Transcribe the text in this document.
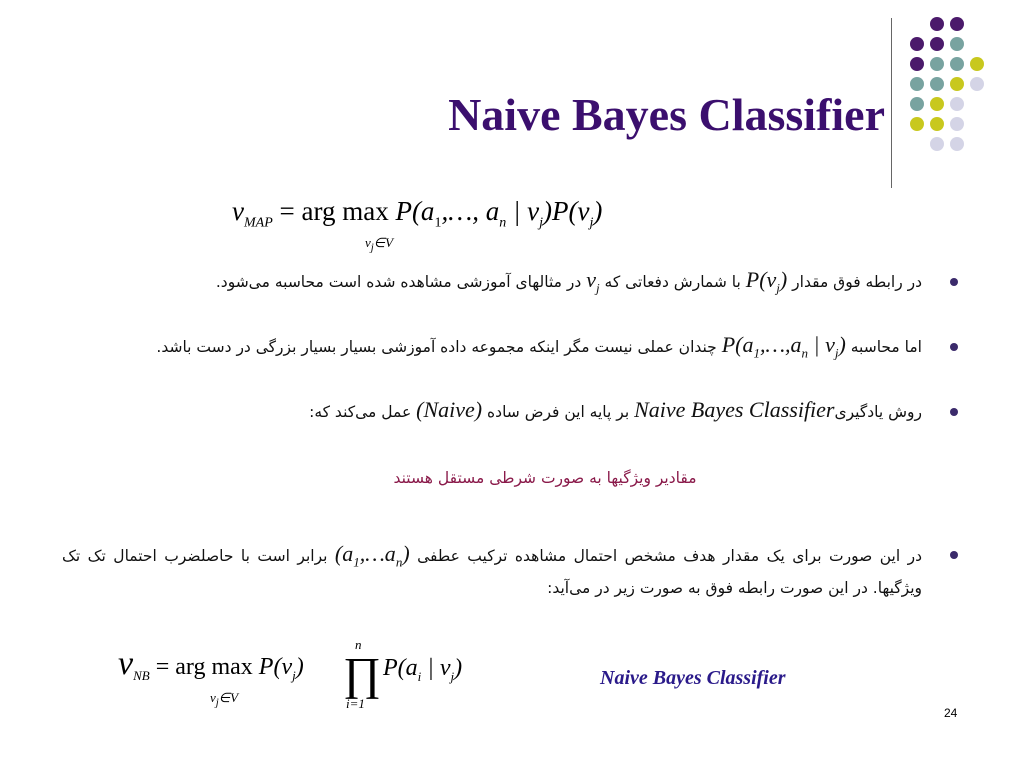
Naive Bayes Classifier
$v_{MAP}$ = arg $\max P(a_1,\dots$, $a_n$ | $v_j)P(v_j)$
$v_j\in V$
در رابطه فوق مقدار $P(v_j)$ با شمارش دفعاتی که $v_j$ در مثالهای آموزشی مشاهده شده است محاسبه می‌شود.
اما محاسبه $P(a_1,\dots,a_n$ | $v_j$) چندان عملی نیست مگر اینکه مجموعه داده آموزشی بسیار بسیار بزرگی در دست باشد.
روش یادگیریNaive Bayes Classifier بر پایه این فرض ساده (Naive) عمل می‌کند که:
مقادیر ویژگیها به صورت شرطی مستقل هستند
در این صورت برای یک مقدار هدف مشخص احتمال مشاهده ترکیب عطفی $(a_1,\dots a_n)$ برابر است با حاصلضرب احتمال تک تک ویژگیها. در این صورت رابطه فوق به صورت زیر در می‌آید:
$v_{NB}$ = arg $\max P(v_j)$ ∏
n
i=1
$P(a_i$ | $v_j$)
$v_j\in V$
Naive Bayes Classifier
24
